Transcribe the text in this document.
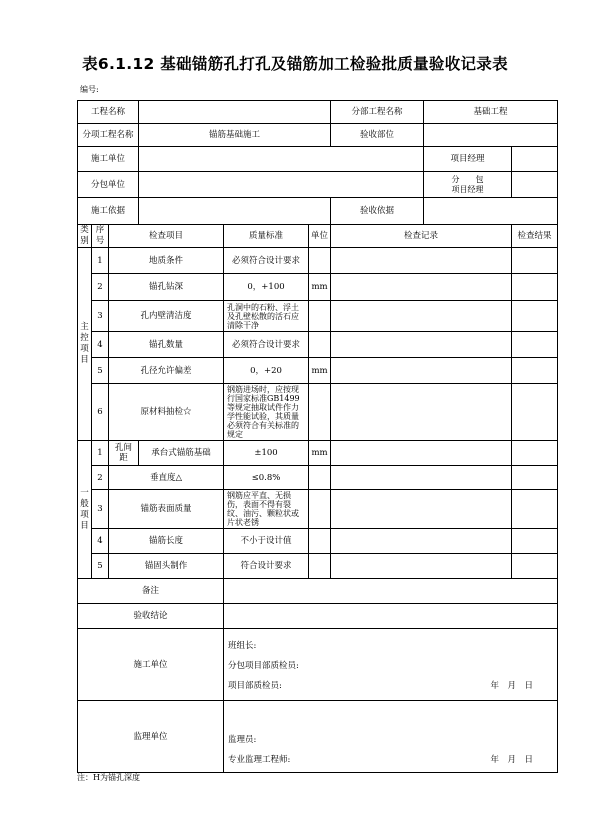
表6.1.12 基础锚筋孔打孔及锚筋加工检验批质量验收记录表
编号:
工程名称						分部工程名称	基础工程	
分项工程名称			锚筋基础施工			验收部位		
施工单位							项目经理	
分包单位							分　　包
项目经理	

施工依据						验收依据		
类别	序号	检查项目		质量标准	单位	检查记录		检查结果
主控项目	1	地质条件		必须符合设计要求				
	2	锚孔钻深		0，+100	mm			
	3	孔内壁清洁度		孔洞中的石粉、浮土及孔壁松散的活石应清除干净				
	4	锚孔数量		必须符合设计要求				
	5	孔径允许偏差		0，+20	mm			
	6	原材料抽检☆		钢筋进场时，应按现行国家标准GB1499等规定抽取试件作力学性能试验，其质量必须符合有关标准的规定				
一般项目	1	孔间距	承台式锚筋基础	±100	mm			
	2	垂直度△		≤0.8%				
	3	锚筋表面质量		钢筋应平直、无损伤，表面不得有裂纹、油污、颗粒状或片状老锈				
	4	锚筋长度		不小于设计值				
	5	锚固头制作		符合设计要求				
备注								
验收结论								
施工单位				班组长:
分包项目部质检员:
项目部质检员: 年　月　日				

监理单位				监理员:
专业监理工程师: 年　月　日				
注：H为锚孔深度
